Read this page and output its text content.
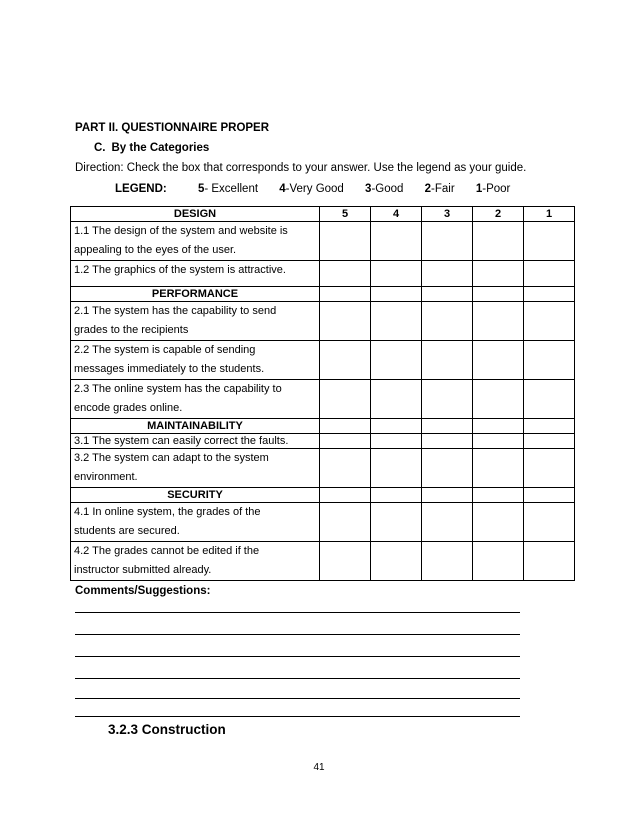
PART II. QUESTIONNAIRE PROPER
C. By the Categories
Direction: Check the box that corresponds to your answer. Use the legend as your guide.
LEGEND:	5- Excellent 4-Very Good 3-Good 2-Fair 1-Poor
DESIGN	5	4	3	2	1

1.1 The design of the system and website is
appealing to the eyes of the user.					

1.2 The graphics of the system is attractive.					

PERFORMANCE					

2.1 The system has the capability to send
grades to the recipients					

2.2 The system is capable of sending
messages immediately to the students.					

2.3 The online system has the capability to
encode grades online.					

MAINTAINABILITY					
3.1 The system can easily correct the faults.					

3.2 The system can adapt to the system
environment.					

SECURITY					

4.1 In online system, the grades of the
students are secured.					

4.2 The grades cannot be edited if the
instructor submitted already.					

Comments/Suggestions:
3.2.3 Construction
41
